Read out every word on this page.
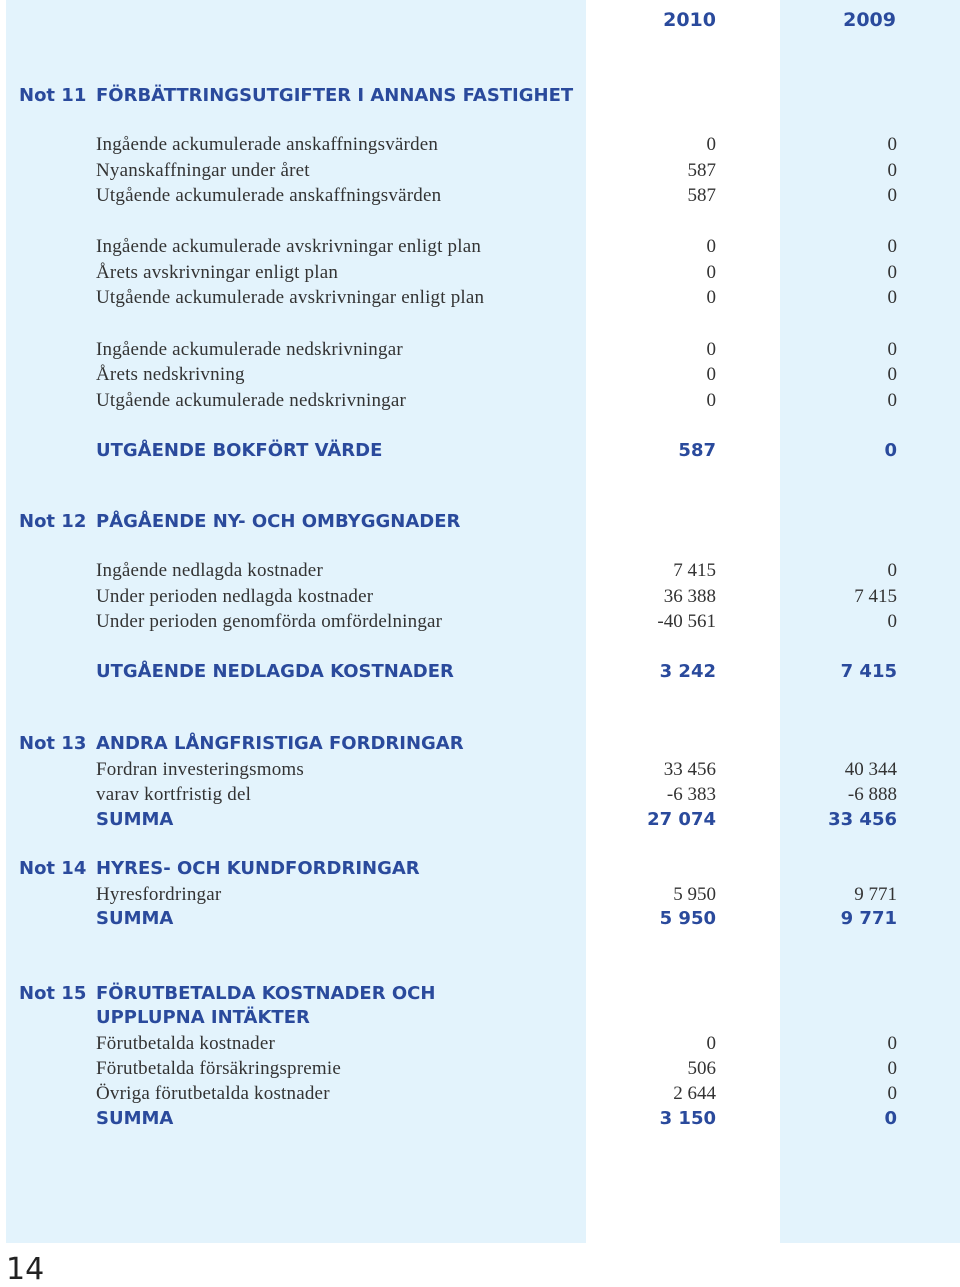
2010	2009
Not 11 FÖRBÄTTRINGSUTGIFTER I ANNANS FASTIGHET
Ingående ackumulerade anskaffningsvärden	0	0
Nyanskaffningar under året	587	0
Utgående ackumulerade anskaffningsvärden	587	0
Ingående ackumulerade avskrivningar enligt plan	0	0
Årets avskrivningar enligt plan	0	0
Utgående ackumulerade avskrivningar enligt plan	0	0
Ingående ackumulerade nedskrivningar	0	0
Årets nedskrivning	0	0
Utgående ackumulerade nedskrivningar	0	0
UTGÅENDE BOKFÖRT VÄRDE	587	0
Not 12 PÅGÅENDE NY- OCH OMBYGGNADER
Ingående nedlagda kostnader	7 415	0
Under perioden nedlagda kostnader	36 388	7 415
Under perioden genomförda omfördelningar	-40 561	0
UTGÅENDE NEDLAGDA KOSTNADER	3 242	7 415
Not 13 ANDRA LÅNGFRISTIGA FORDRINGAR
Fordran investeringsmoms	33 456	40 344
varav kortfristig del	-6 383	-6 888
SUMMA	27 074	33 456
Not 14 HYRES- OCH KUNDFORDRINGAR
Hyresfordringar	5 950	9 771
SUMMA	5 950	9 771
Not 15 FÖRUTBETALDA KOSTNADER OCH
UPPLUPNA INTÄKTER
Förutbetalda kostnader	0	0
Förutbetalda försäkringspremie	506	0
Övriga förutbetalda kostnader	2 644	0
SUMMA	3 150	0
14
